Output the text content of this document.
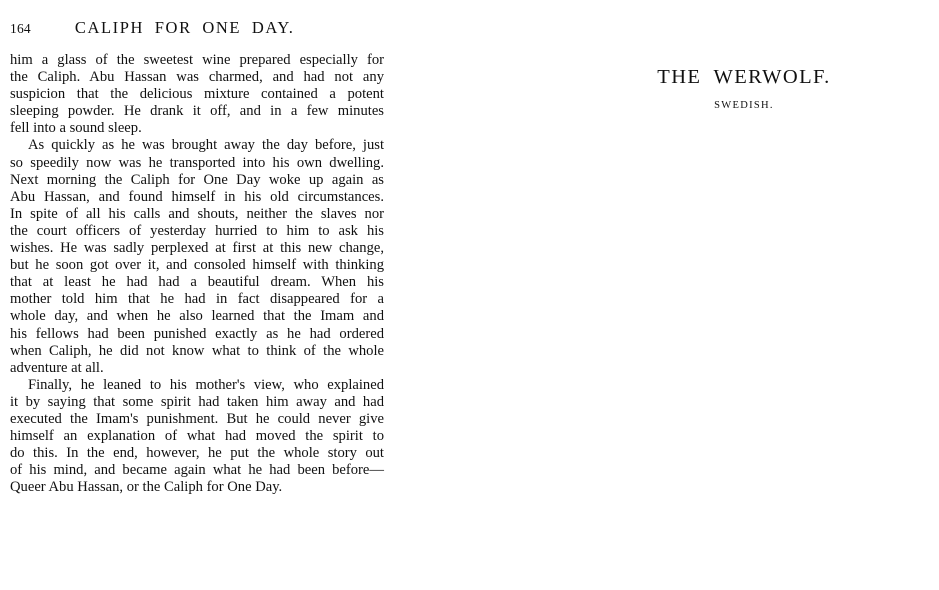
164	CALIPH FOR ONE DAY.
him a glass of the sweetest wine prepared especially for
the Caliph. Abu Hassan was charmed, and had not any
suspicion that the delicious mixture contained a potent
sleeping powder. He drank it off, and in a few minutes
fell into a sound sleep.
As quickly as he was brought away the day before, just
so speedily now was he transported into his own dwelling.
Next morning the Caliph for One Day woke up again as
Abu Hassan, and found himself in his old circumstances.
In spite of all his calls and shouts, neither the slaves nor
the court officers of yesterday hurried to him to ask his
wishes. He was sadly perplexed at first at this new change,
but he soon got over it, and consoled himself with thinking
that at least he had had a beautiful dream. When his
mother told him that he had in fact disappeared for a
whole day, and when he also learned that the Imam and
his fellows had been punished exactly as he had ordered
when Caliph, he did not know what to think of the whole
adventure at all.
Finally, he leaned to his mother's view, who explained
it by saying that some spirit had taken him away and had
executed the Imam's punishment. But he could never give
himself an explanation of what had moved the spirit to
do this. In the end, however, he put the whole story out
of his mind, and became again what he had been before—
Queer Abu Hassan, or the Caliph for One Day.
THE WERWOLF.
SWEDISH.
